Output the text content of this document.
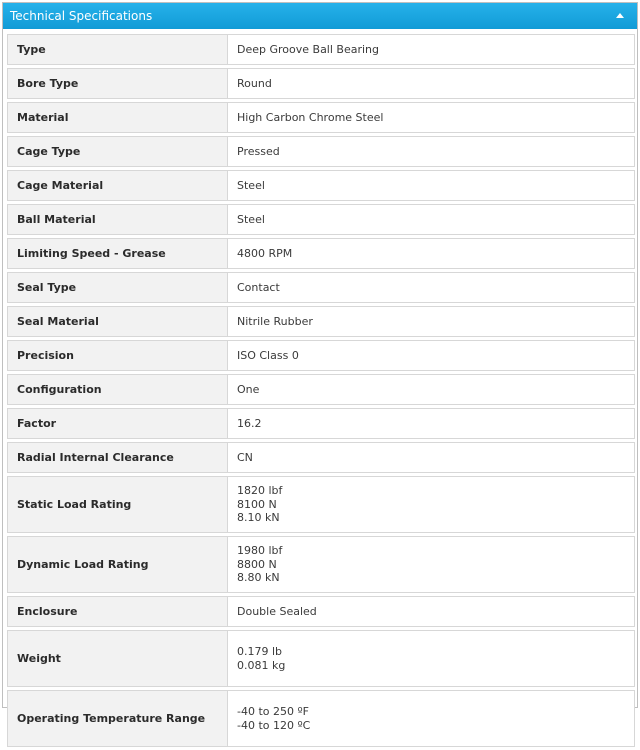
Technical Specifications
Type	Deep Groove Ball Bearing

Bore Type	Round

Material	High Carbon Chrome Steel

Cage Type	Pressed

Cage Material	Steel

Ball Material	Steel

Limiting Speed - Grease	4800 RPM

Seal Type	Contact

Seal Material	Nitrile Rubber

Precision	ISO Class 0

Configuration	One

Factor	16.2

Radial Internal Clearance	CN

Static Load Rating	1820 lbf
8100 N
8.10 kN

Dynamic Load Rating	1980 lbf
8800 N
8.80 kN

Enclosure	Double Sealed

Weight	0.179 lb
0.081 kg

Operating Temperature Range	-40 to 250 ºF
-40 to 120 ºC
